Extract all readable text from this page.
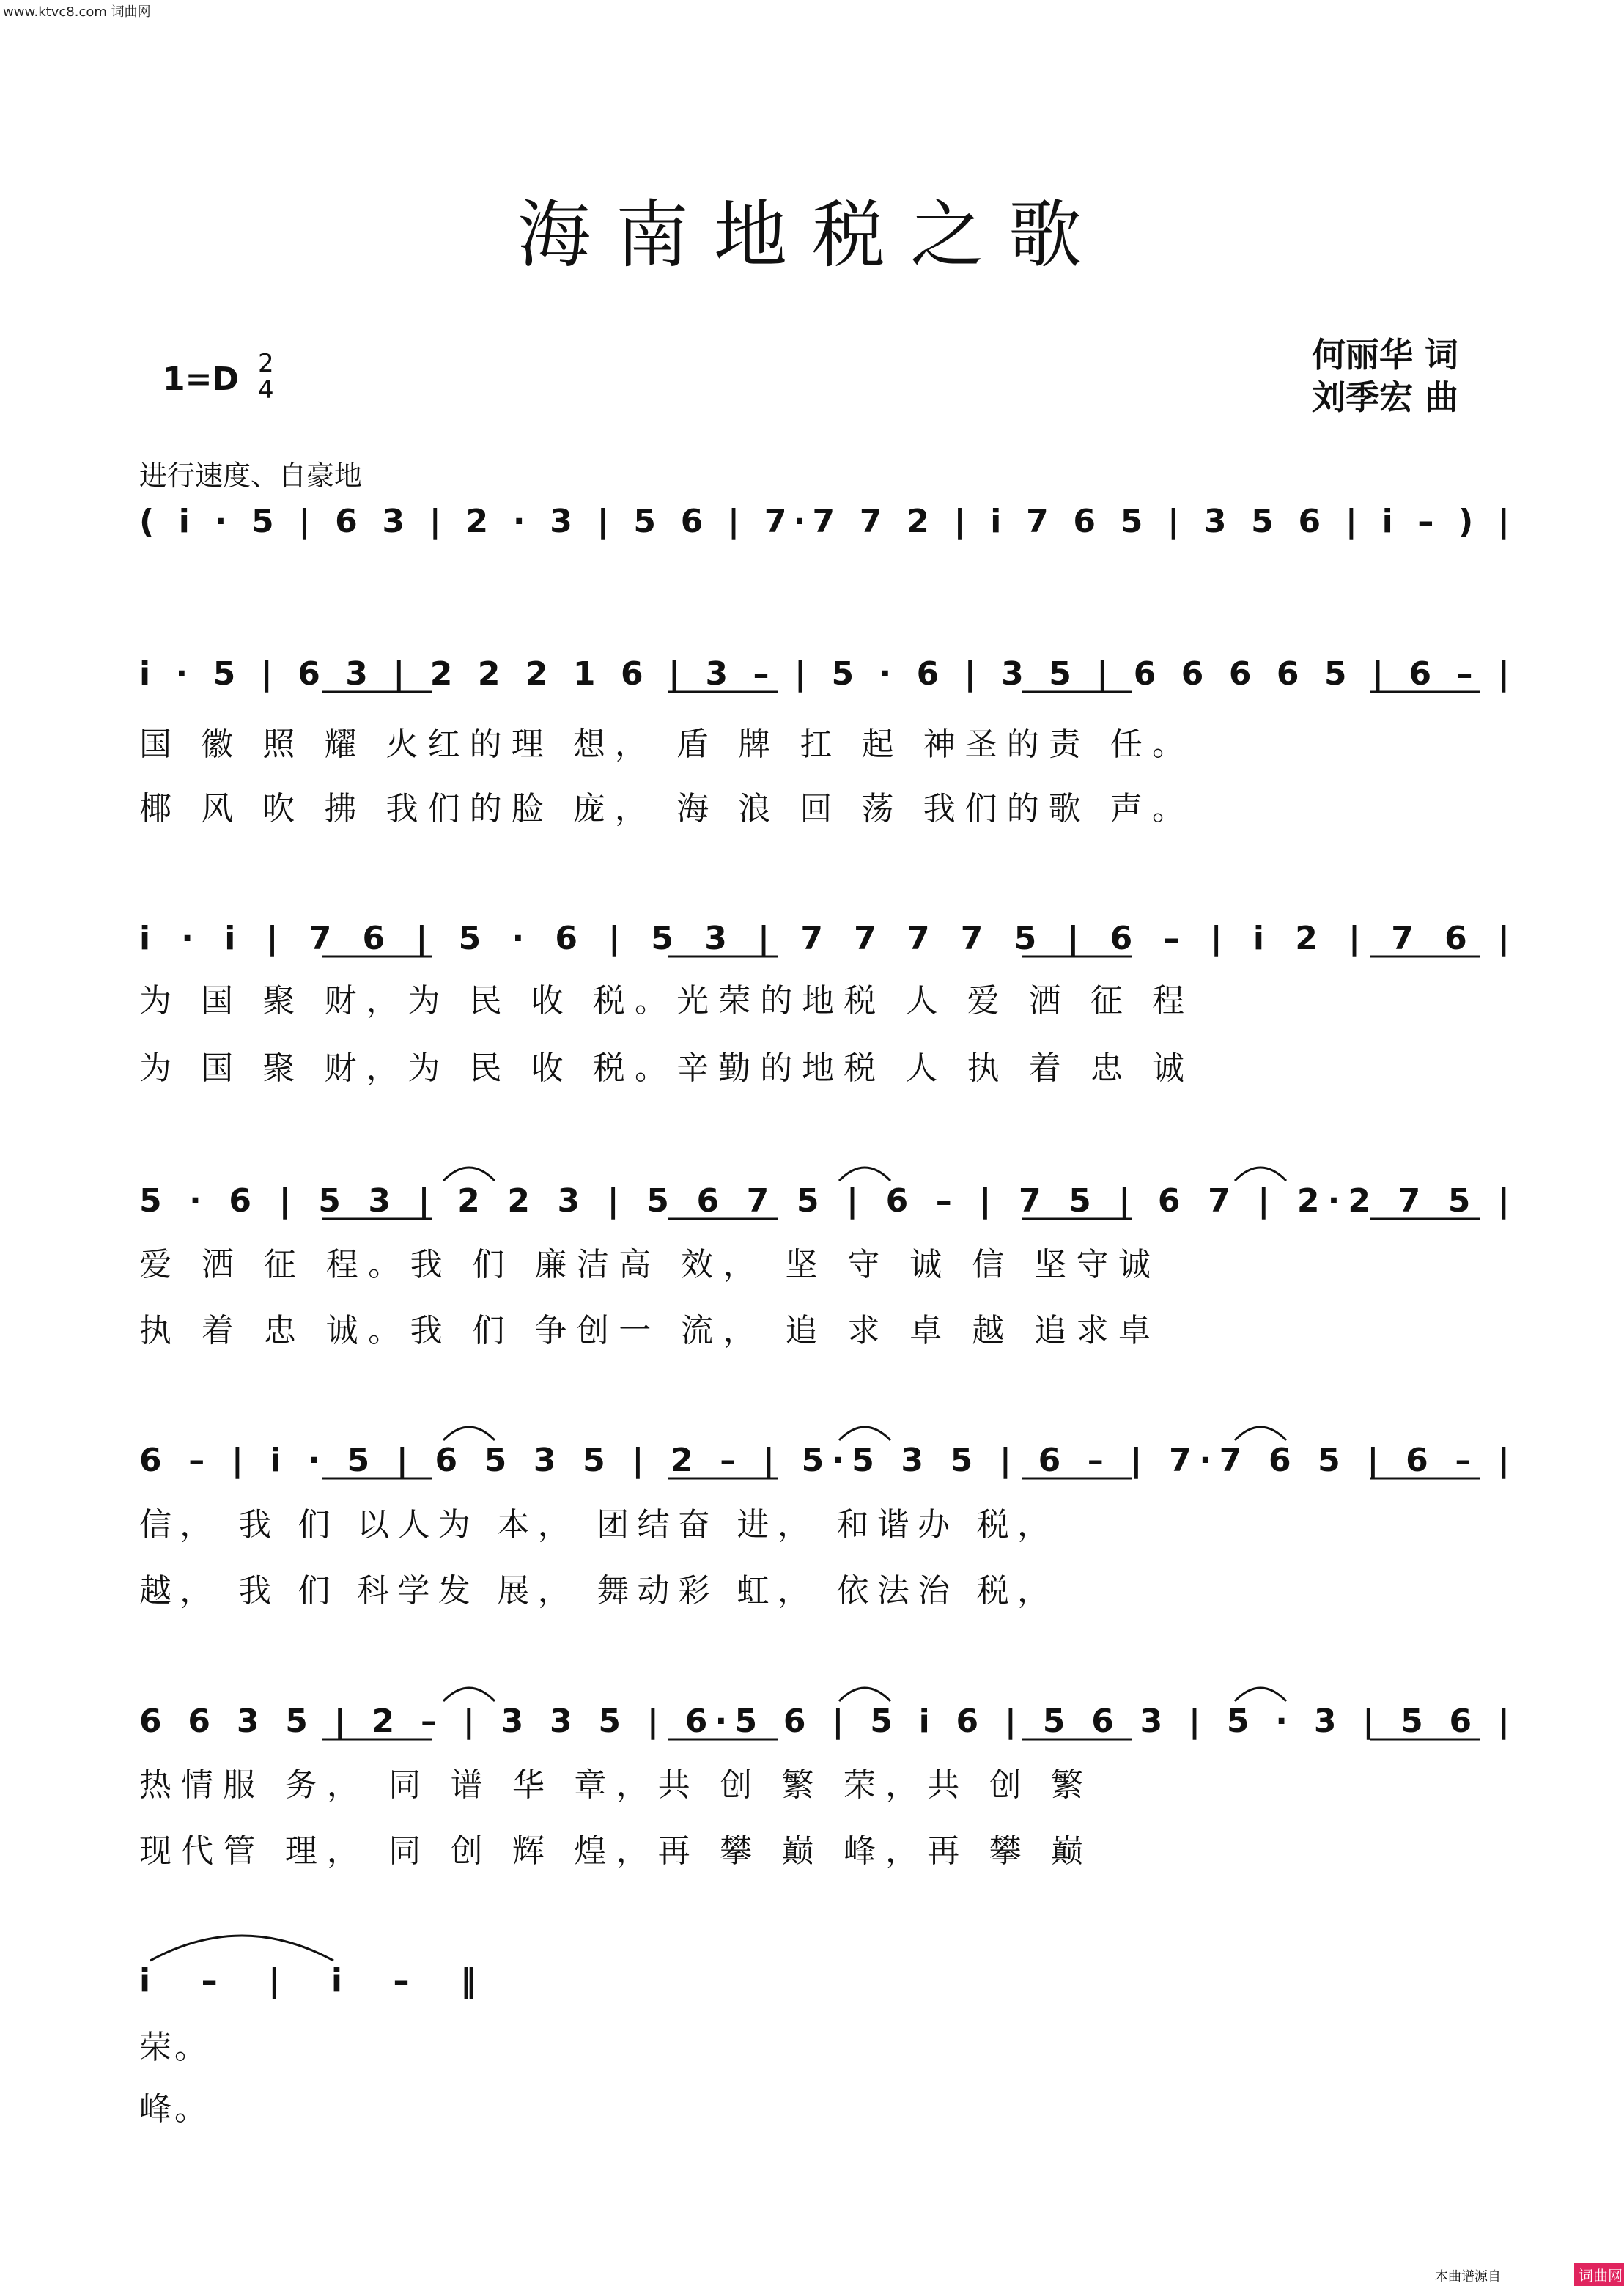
www.ktvc8.com 词曲网
海南地税之歌
1=D 2
4
何丽华 词
刘季宏 曲
进行速度、自豪地
( i · 5 | 6 3 | 2 · 3 | 5 6 | 7·7 7 2 | i 7 6 5 | 3 5 6 | i – ) |
i · 5 | 6 3 | 2 2 2 1 6 | 3 – | 5 · 6 | 3 5 | 6 6 6 6 5 | 6 – |
国 徽 照 耀 火红的理 想， 盾 牌 扛 起 神圣的责 任。
椰 风 吹 拂 我们的脸 庞， 海 浪 回 荡 我们的歌 声。
i · i | 7 6 | 5 · 6 | 5 3 | 7 7 7 7 5 | 6 – | i 2 | 7 6 |
为 国 聚 财，为 民 收 税。光荣的地税 人 爱 洒 征 程
为 国 聚 财，为 民 收 税。辛勤的地税 人 执 着 忠 诚
5 · 6 | 5 3 | 2 2 3 | 5 6 7 5 | 6 – | 7 5 | 6 7 | 2·2 7 5 |
爱 洒 征 程。我 们 廉洁高 效， 坚 守 诚 信 坚守诚
执 着 忠 诚。我 们 争创一 流， 追 求 卓 越 追求卓
6 – | i · 5 | 6 5 3 5 | 2 – | 5·5 3 5 | 6 – | 7·7 6 5 | 6 – |
信， 我 们 以人为 本， 团结奋 进， 和谐办 税，
越， 我 们 科学发 展， 舞动彩 虹， 依法治 税，
6 6 3 5 | 2 – | 3 3 5 | 6·5 6 | 5 i 6 | 5 6 3 | 5 · 3 | 5 6 |
热情服 务， 同 谱 华 章，共 创 繁 荣，共 创 繁
现代管 理， 同 创 辉 煌，再 攀 巅 峰，再 攀 巅
i – | i – ‖
荣。
峰。
本曲谱源自	词曲网
